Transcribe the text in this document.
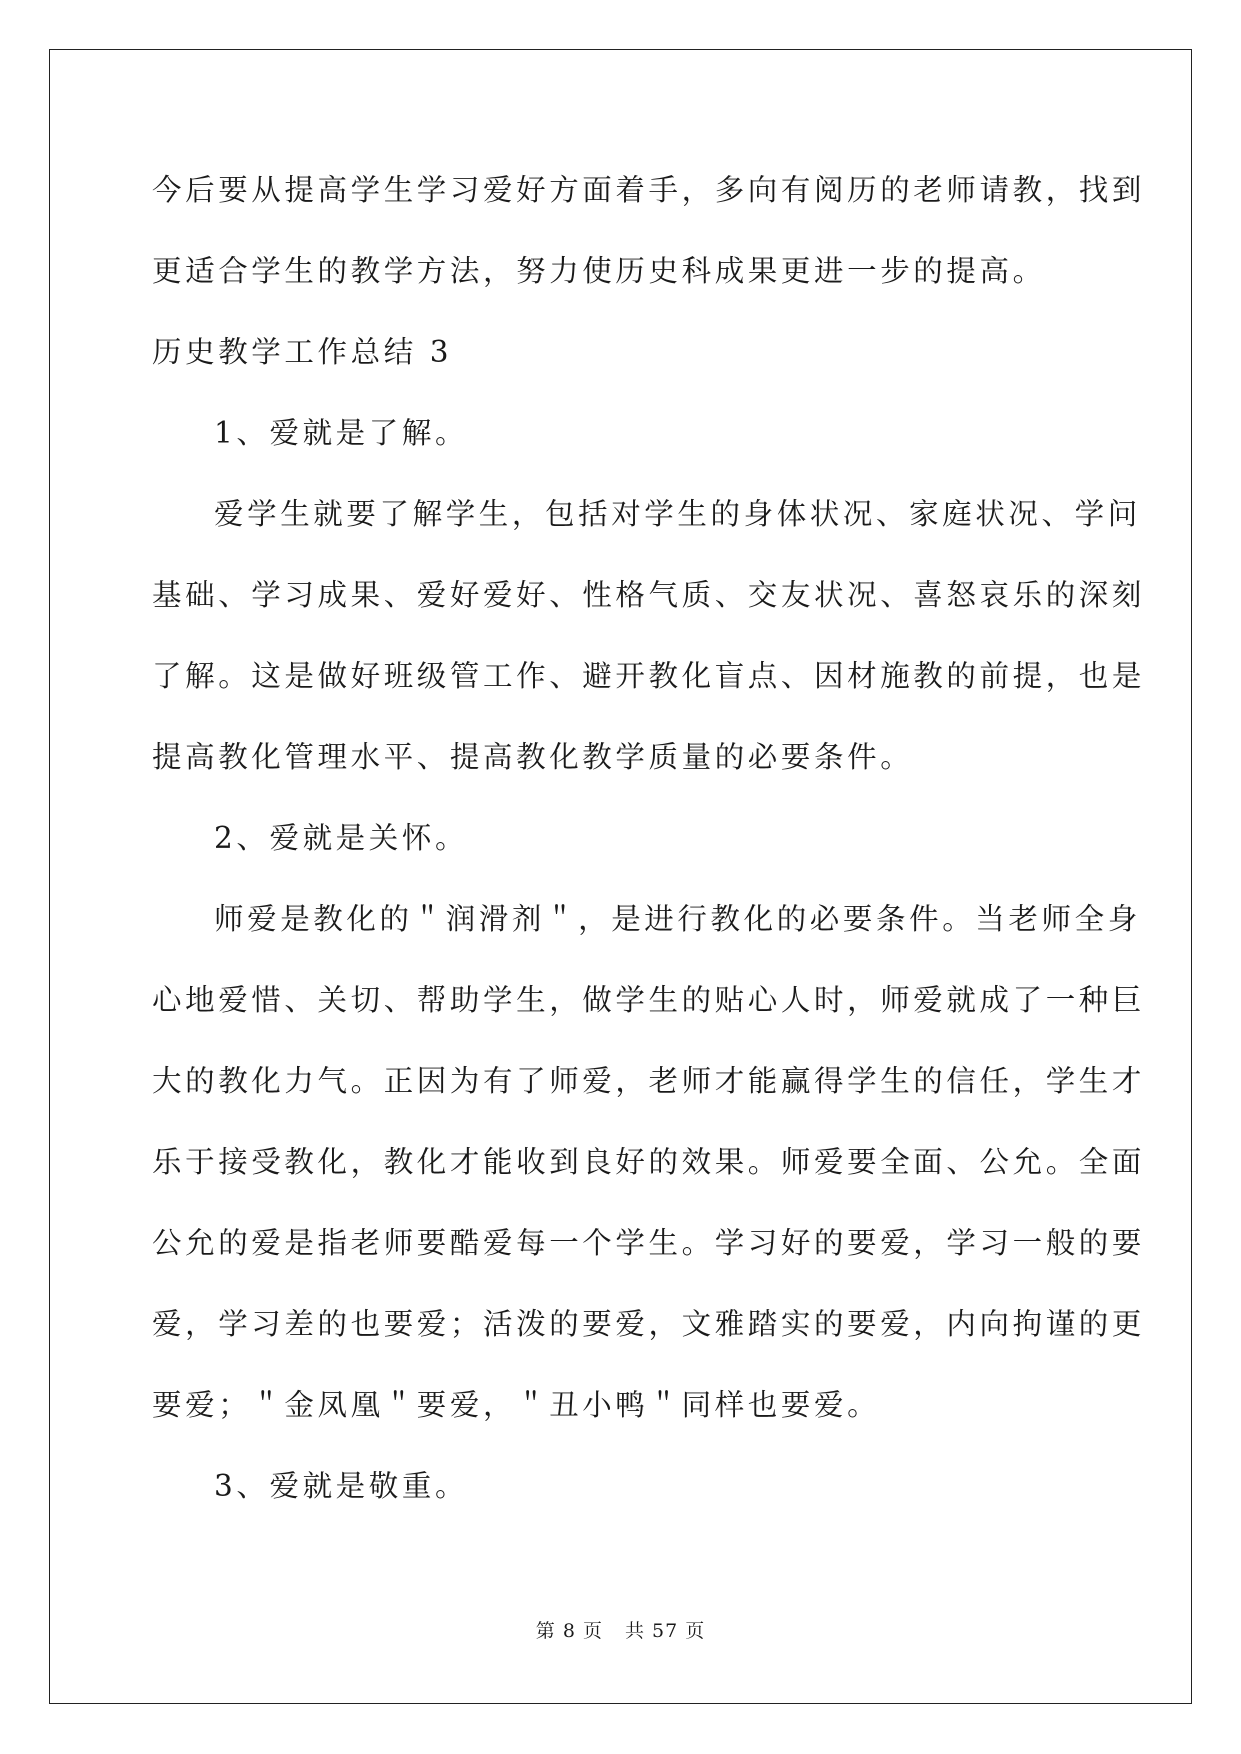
今后要从提高学生学习爱好方面着手，多向有阅历的老师请教，找到
更适合学生的教学方法，努力使历史科成果更进一步的提高。
历史教学工作总结 3
1、爱就是了解。
爱学生就要了解学生，包括对学生的身体状况、家庭状况、学问
基础、学习成果、爱好爱好、性格气质、交友状况、喜怒哀乐的深刻
了解。这是做好班级管工作、避开教化盲点、因材施教的前提，也是
提高教化管理水平、提高教化教学质量的必要条件。
2、爱就是关怀。
师爱是教化的＂润滑剂＂，是进行教化的必要条件。当老师全身
心地爱惜、关切、帮助学生，做学生的贴心人时，师爱就成了一种巨
大的教化力气。正因为有了师爱，老师才能赢得学生的信任，学生才
乐于接受教化，教化才能收到良好的效果。师爱要全面、公允。全面
公允的爱是指老师要酷爱每一个学生。学习好的要爱，学习一般的要
爱，学习差的也要爱；活泼的要爱，文雅踏实的要爱，内向拘谨的更
要爱；＂金凤凰＂要爱，＂丑小鸭＂同样也要爱。
3、爱就是敬重。
第 8 页 共 57 页
